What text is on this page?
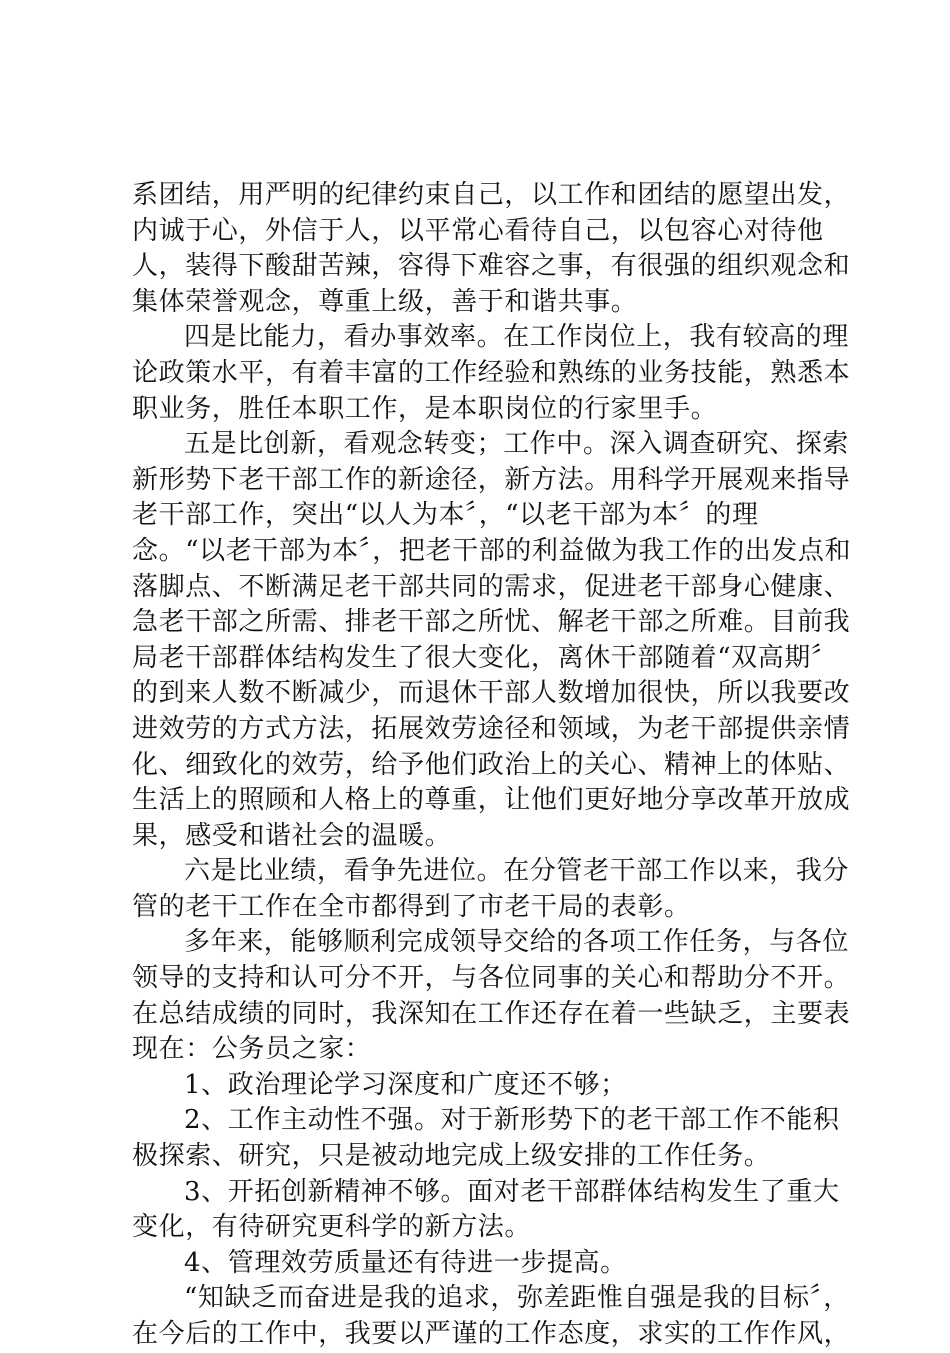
系团结，用严明的纪律约束自己，以工作和团结的愿望出发，内诚于心，外信于人，以平常心看待自己，以包容心对待他人，装得下酸甜苦辣，容得下难容之事，有很强的组织观念和集体荣誉观念，尊重上级，善于和谐共事。

四是比能力，看办事效率。在工作岗位上，我有较高的理论政策水平，有着丰富的工作经验和熟练的业务技能，熟悉本职业务，胜任本职工作，是本职岗位的行家里手。

五是比创新，看观念转变；工作中。深入调查研究、探索新形势下老干部工作的新途径，新方法。用科学开展观来指导老干部工作，突出“以人为本〞，“以老干部为本〞的理念。“以老干部为本〞，把老干部的利益做为我工作的出发点和落脚点、不断满足老干部共同的需求，促进老干部身心健康、急老干部之所需、排老干部之所忧、解老干部之所难。目前我局老干部群体结构发生了很大变化，离休干部随着“双高期〞的到来人数不断减少，而退休干部人数增加很快，所以我要改进效劳的方式方法，拓展效劳途径和领域，为老干部提供亲情化、细致化的效劳，给予他们政治上的关心、精神上的体贴、生活上的照顾和人格上的尊重，让他们更好地分享改革开放成果，感受和谐社会的温暖。

六是比业绩，看争先进位。在分管老干部工作以来，我分管的老干工作在全市都得到了市老干局的表彰。

多年来，能够顺利完成领导交给的各项工作任务，与各位领导的支持和认可分不开，与各位同事的关心和帮助分不开。在总结成绩的同时，我深知在工作还存在着一些缺乏，主要表现在：公务员之家：

1、政治理论学习深度和广度还不够；

2、工作主动性不强。对于新形势下的老干部工作不能积极探索、研究，只是被动地完成上级安排的工作任务。

3、开拓创新精神不够。面对老干部群体结构发生了重大变化，有待研究更科学的新方法。

4、管理效劳质量还有待进一步提高。

“知缺乏而奋进是我的追求，弥差距惟自强是我的目标〞，在今后的工作中，我要以严谨的工作态度，求实的工作作风，
